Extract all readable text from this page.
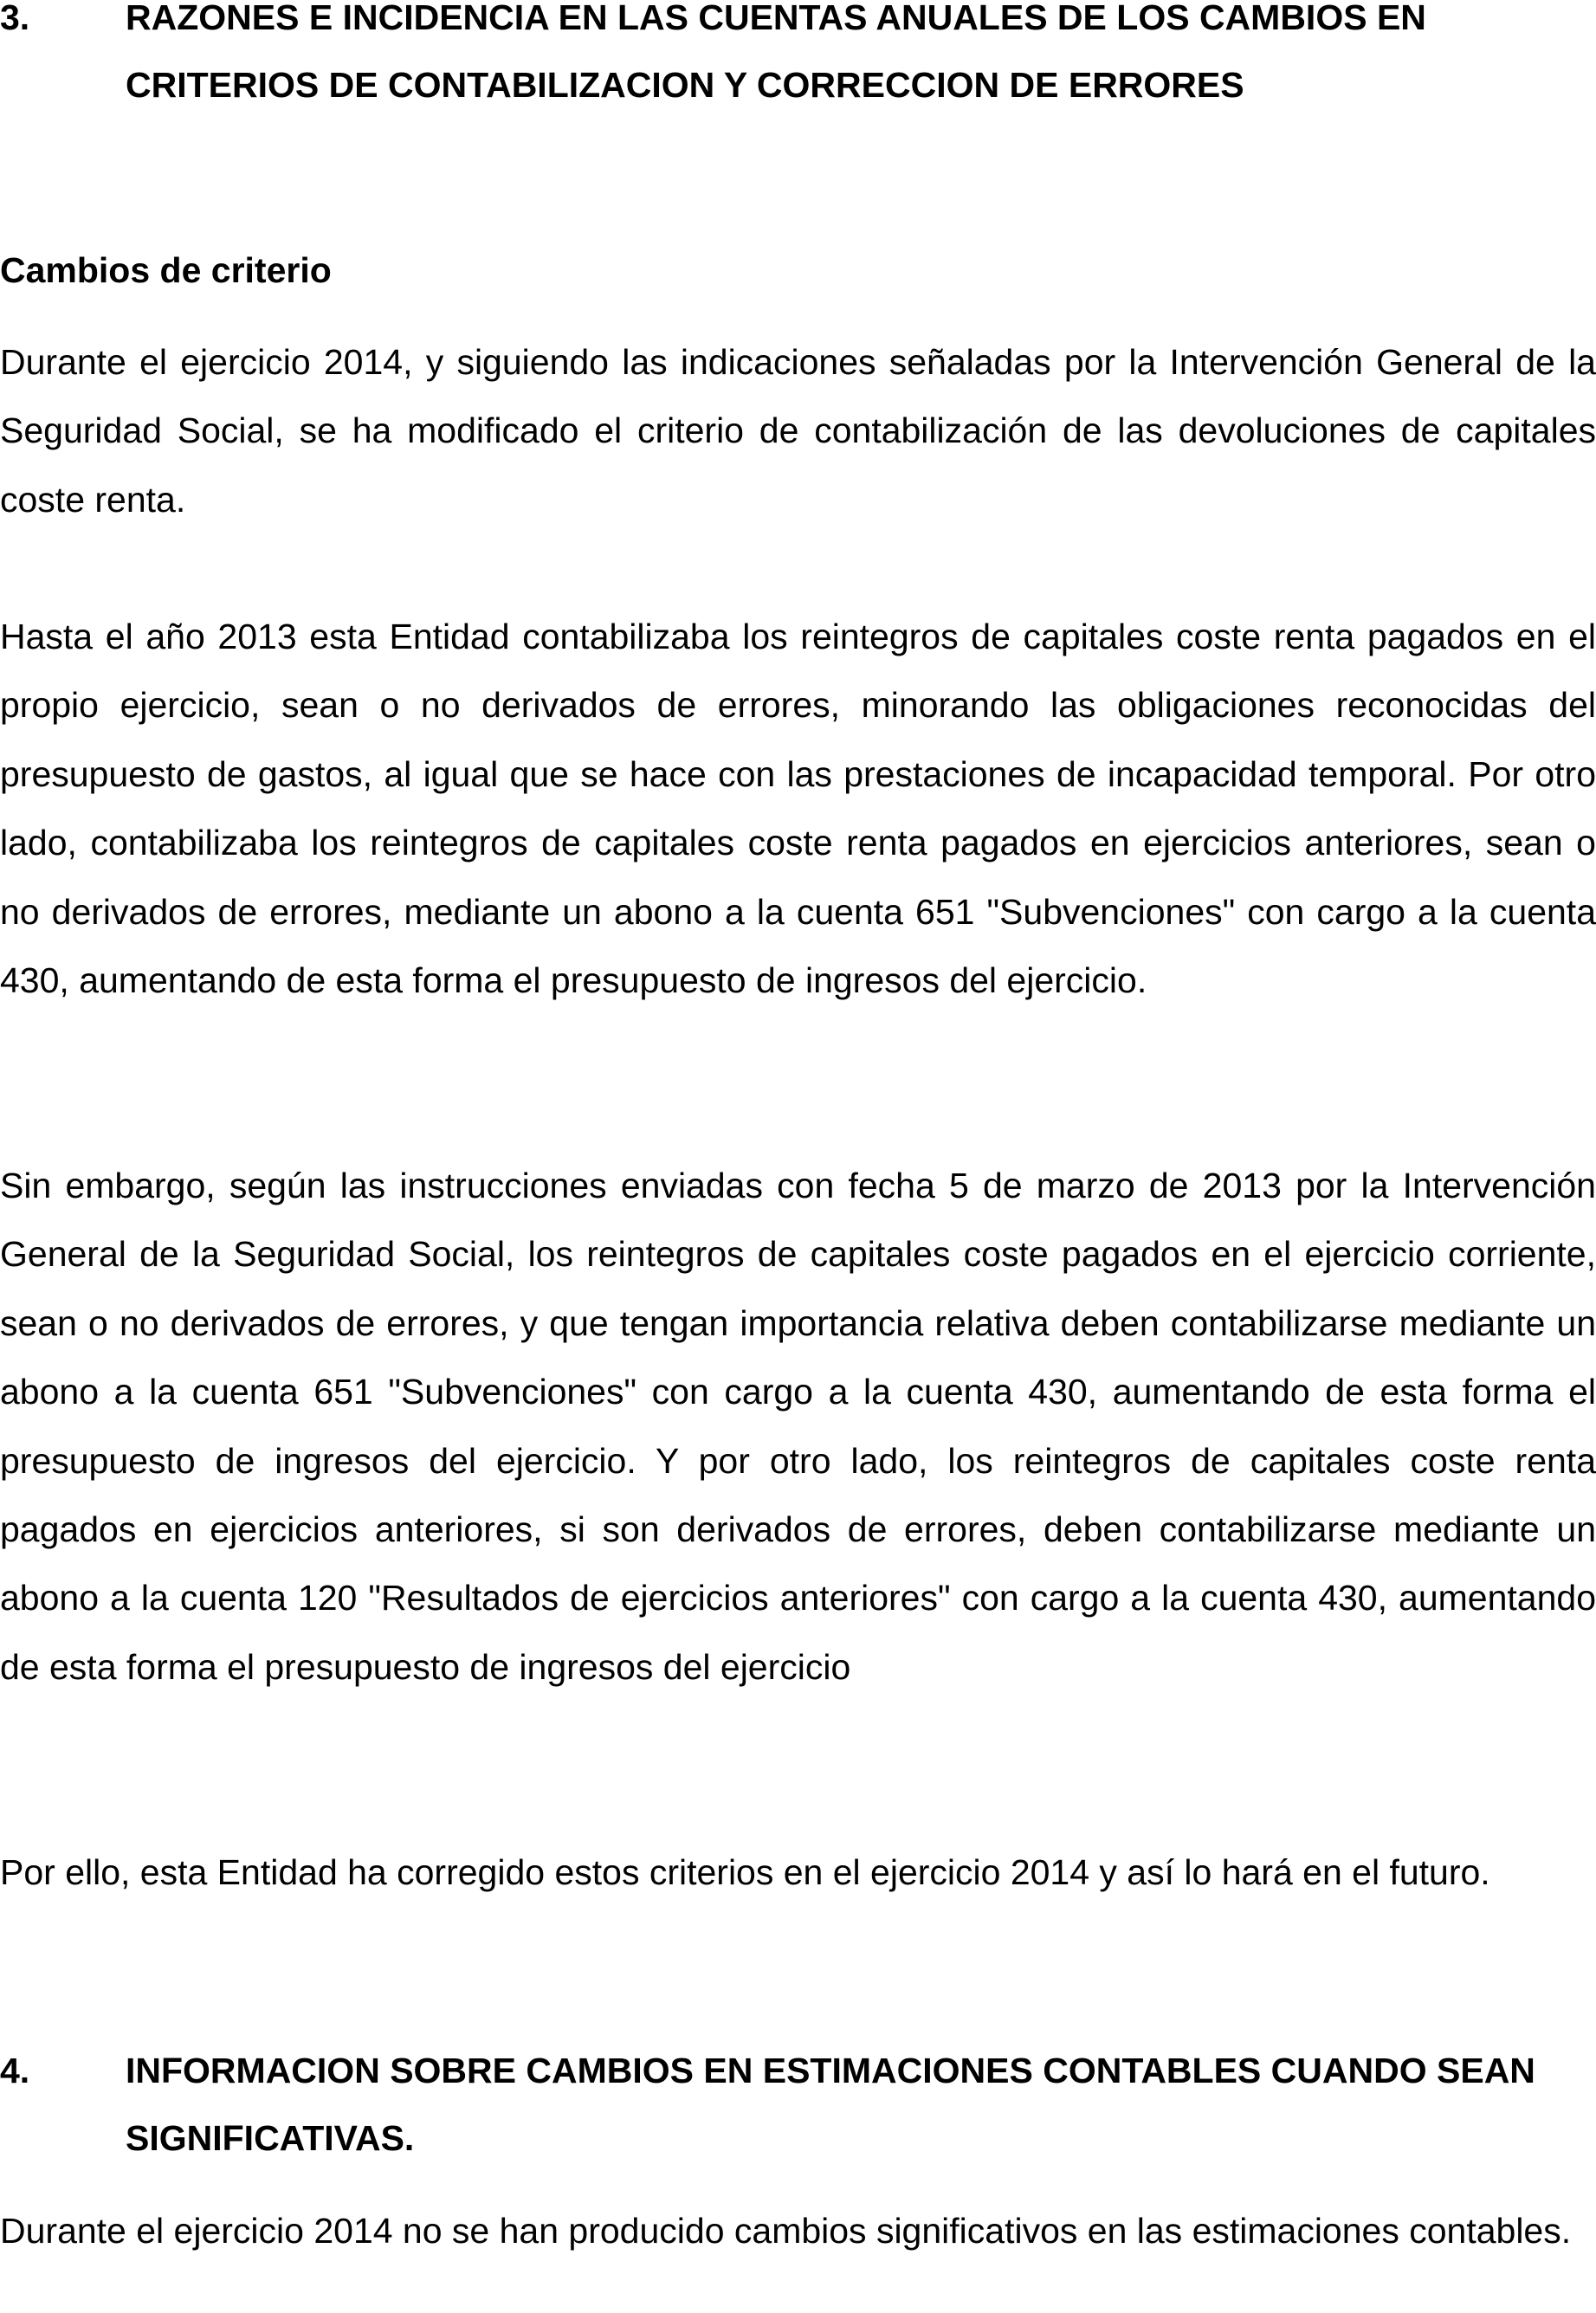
3.	RAZONES E INCIDENCIA EN LAS CUENTAS ANUALES DE LOS CAMBIOS EN CRITERIOS DE CONTABILIZACION Y CORRECCION DE ERRORES
Cambios de criterio

Durante el ejercicio 2014, y siguiendo las indicaciones señaladas por la Intervención General de la Seguridad Social, se ha modificado el criterio de contabilización de las devoluciones de capitales coste renta.

Hasta el año 2013 esta Entidad contabilizaba los reintegros de capitales coste renta pagados en el propio ejercicio, sean o no derivados de errores, minorando las obligaciones reconocidas del presupuesto de gastos, al igual que se hace con las prestaciones de incapacidad temporal. Por otro lado, contabilizaba los reintegros de capitales coste renta pagados en ejercicios anteriores, sean o no derivados de errores, mediante un abono a la cuenta 651 "Subvenciones" con cargo a la cuenta 430, aumentando de esta forma el presupuesto de ingresos del ejercicio.

Sin embargo, según las instrucciones enviadas con fecha 5 de marzo de 2013 por la Intervención General de la Seguridad Social, los reintegros de capitales coste pagados en el ejercicio corriente, sean o no derivados de errores, y que tengan importancia relativa deben contabilizarse mediante un abono a la cuenta 651 "Subvenciones" con cargo a la cuenta 430, aumentando de esta forma el presupuesto de ingresos del ejercicio. Y por otro lado, los reintegros de capitales coste renta pagados en ejercicios anteriores, si son derivados de errores, deben contabilizarse mediante un abono a la cuenta 120 "Resultados de ejercicios anteriores" con cargo a la cuenta 430, aumentando de esta forma el presupuesto de ingresos del ejercicio

Por ello, esta Entidad ha corregido estos criterios en el ejercicio 2014 y así lo hará en el futuro.

4.	INFORMACION SOBRE CAMBIOS EN ESTIMACIONES CONTABLES CUANDO SEAN SIGNIFICATIVAS.

Durante el ejercicio 2014 no se han producido cambios significativos en las estimaciones contables.
